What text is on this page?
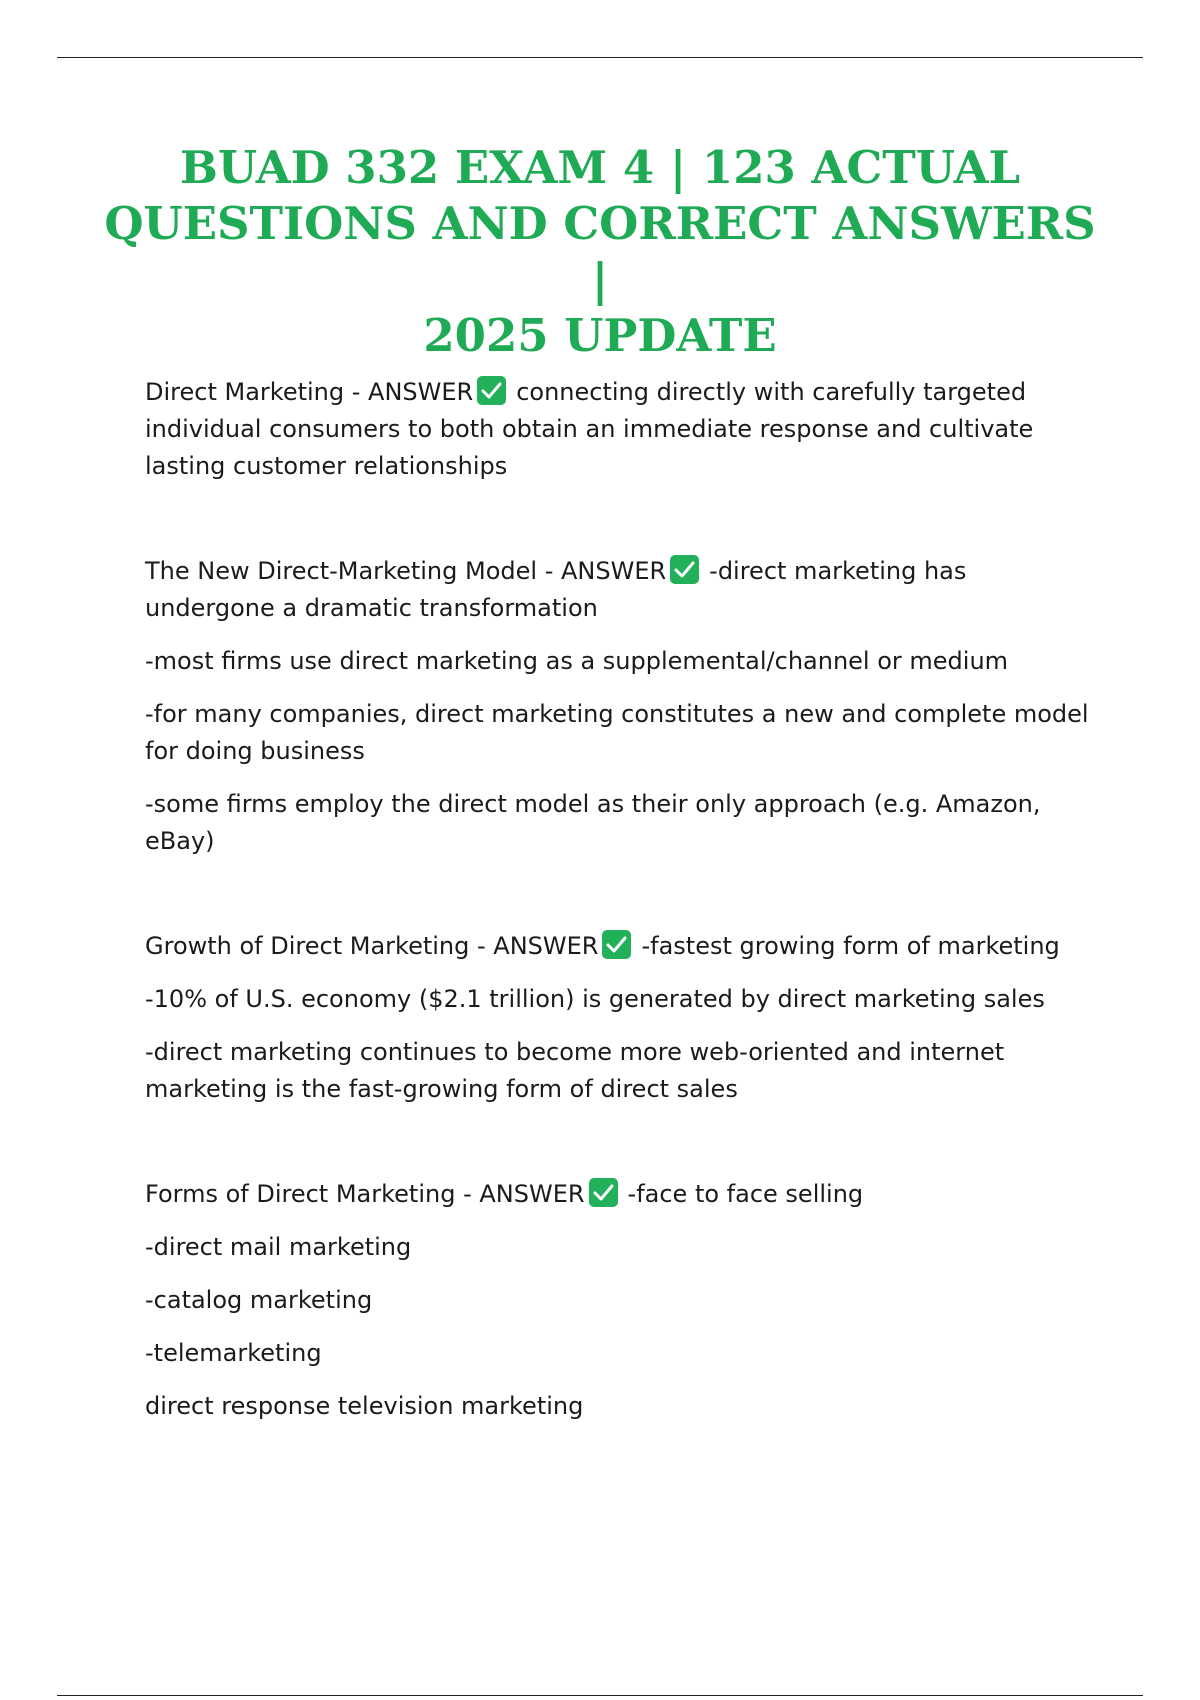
BUAD 332 EXAM 4 | 123 ACTUAL
QUESTIONS AND CORRECT ANSWERS |
2025 UPDATE
Direct Marketing - ANSWER connecting directly with carefully targeted individual consumers to both obtain an immediate response and cultivate lasting customer relationships
The New Direct-Marketing Model - ANSWER -direct marketing has undergone a dramatic transformation
-most firms use direct marketing as a supplemental/channel or medium
-for many companies, direct marketing constitutes a new and complete model for doing business
-some firms employ the direct model as their only approach (e.g. Amazon, eBay)
Growth of Direct Marketing - ANSWER -fastest growing form of marketing
-10% of U.S. economy ($2.1 trillion) is generated by direct marketing sales
-direct marketing continues to become more web-oriented and internet marketing is the fast-growing form of direct sales
Forms of Direct Marketing - ANSWER -face to face selling
-direct mail marketing
-catalog marketing
-telemarketing
direct response television marketing
